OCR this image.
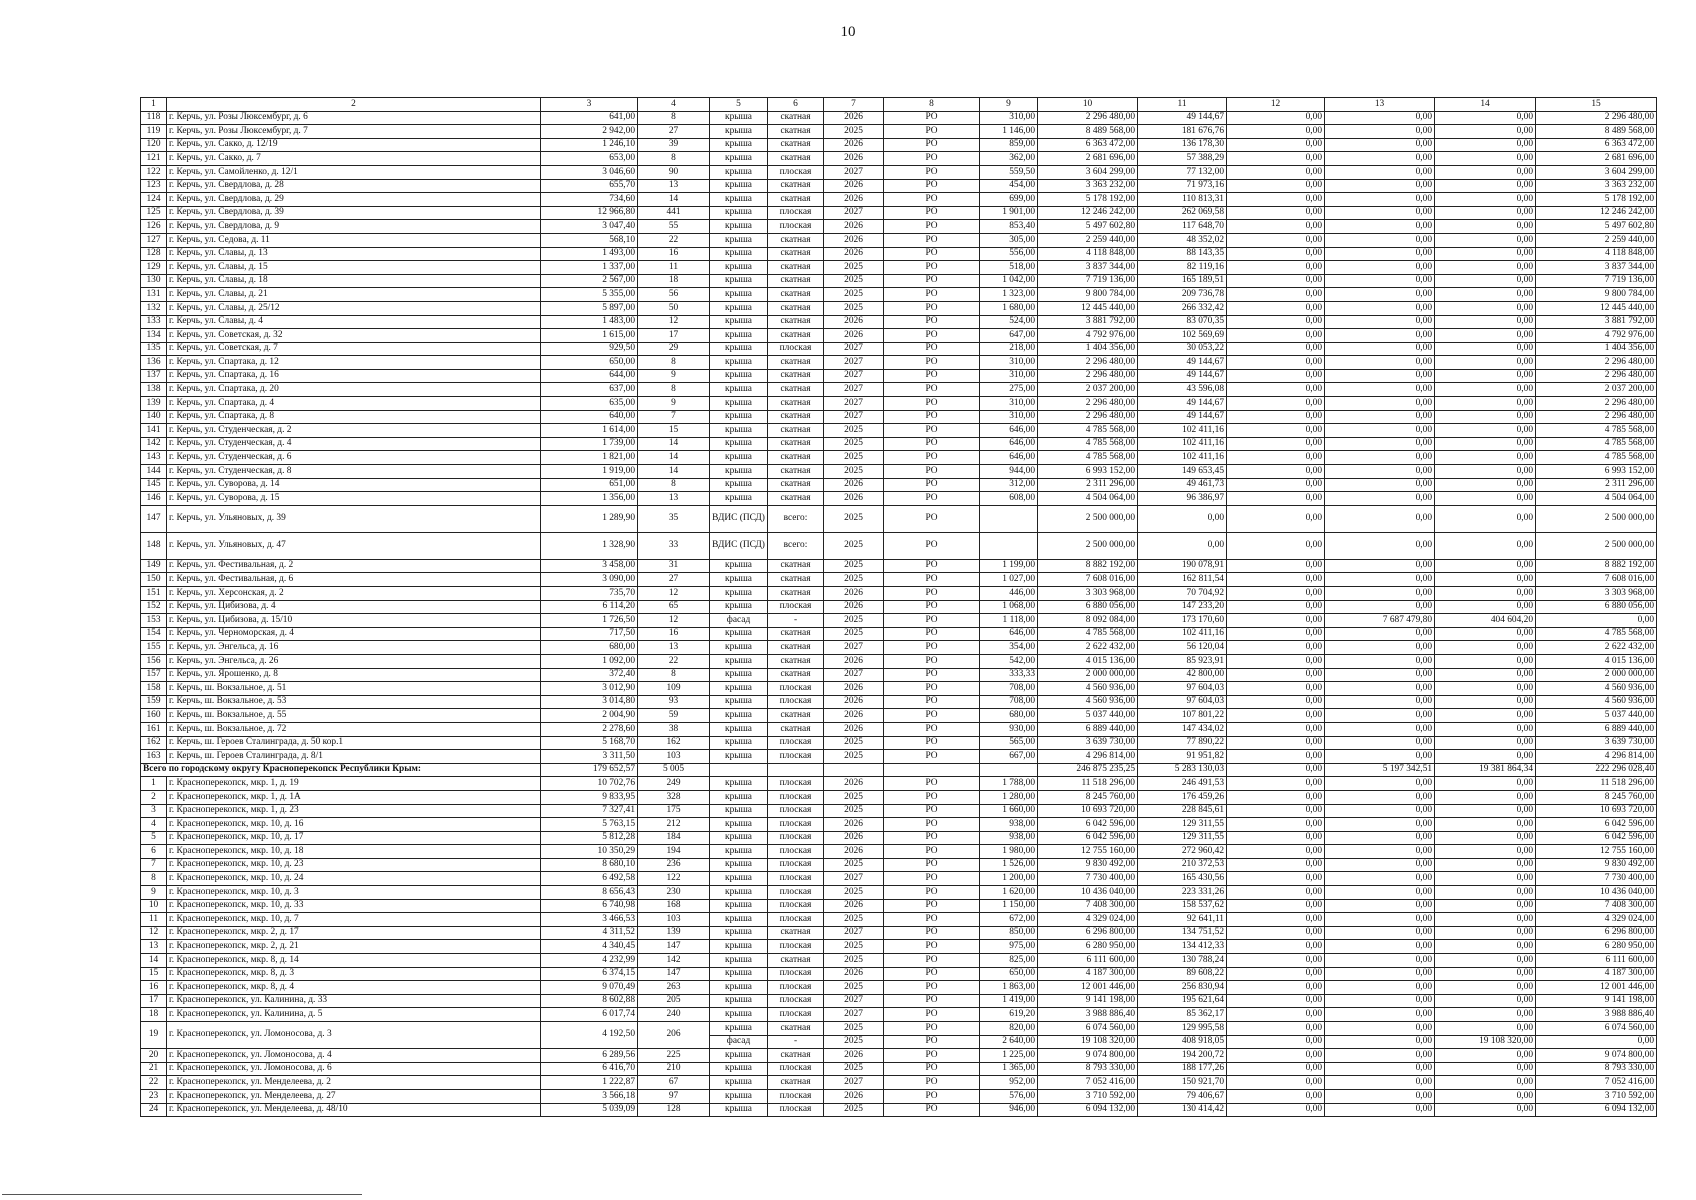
10
1	2	3	4	5	6	7	8	9	10	11	12	13	14	15
118	г. Керчь, ул. Розы Люксембург, д. 6	641,00	8	крыша	скатная	2026	РО	310,00	2 296 480,00	49 144,67	0,00	0,00	0,00	2 296 480,00
119	г. Керчь, ул. Розы Люксембург, д. 7	2 942,00	27	крыша	скатная	2025	РО	1 146,00	8 489 568,00	181 676,76	0,00	0,00	0,00	8 489 568,00
120	г. Керчь, ул. Сакко, д. 12/19	1 246,10	39	крыша	скатная	2026	РО	859,00	6 363 472,00	136 178,30	0,00	0,00	0,00	6 363 472,00
121	г. Керчь, ул. Сакко, д. 7	653,00	8	крыша	скатная	2026	РО	362,00	2 681 696,00	57 388,29	0,00	0,00	0,00	2 681 696,00
122	г. Керчь, ул. Самойленко, д. 12/1	3 046,60	90	крыша	плоская	2027	РО	559,50	3 604 299,00	77 132,00	0,00	0,00	0,00	3 604 299,00
123	г. Керчь, ул. Свердлова, д. 28	655,70	13	крыша	скатная	2026	РО	454,00	3 363 232,00	71 973,16	0,00	0,00	0,00	3 363 232,00
124	г. Керчь, ул. Свердлова, д. 29	734,60	14	крыша	скатная	2026	РО	699,00	5 178 192,00	110 813,31	0,00	0,00	0,00	5 178 192,00
125	г. Керчь, ул. Свердлова, д. 39	12 966,80	441	крыша	плоская	2027	РО	1 901,00	12 246 242,00	262 069,58	0,00	0,00	0,00	12 246 242,00
126	г. Керчь, ул. Свердлова, д. 9	3 047,40	55	крыша	плоская	2026	РО	853,40	5 497 602,80	117 648,70	0,00	0,00	0,00	5 497 602,80
127	г. Керчь, ул. Седова, д. 11	568,10	22	крыша	скатная	2026	РО	305,00	2 259 440,00	48 352,02	0,00	0,00	0,00	2 259 440,00
128	г. Керчь, ул. Славы, д. 13	1 493,00	16	крыша	скатная	2026	РО	556,00	4 118 848,00	88 143,35	0,00	0,00	0,00	4 118 848,00
129	г. Керчь, ул. Славы, д. 15	1 337,00	11	крыша	скатная	2025	РО	518,00	3 837 344,00	82 119,16	0,00	0,00	0,00	3 837 344,00
130	г. Керчь, ул. Славы, д. 18	2 567,00	18	крыша	скатная	2025	РО	1 042,00	7 719 136,00	165 189,51	0,00	0,00	0,00	7 719 136,00
131	г. Керчь, ул. Славы, д. 21	5 355,00	56	крыша	скатная	2025	РО	1 323,00	9 800 784,00	209 736,78	0,00	0,00	0,00	9 800 784,00
132	г. Керчь, ул. Славы, д. 25/12	5 897,00	50	крыша	скатная	2025	РО	1 680,00	12 445 440,00	266 332,42	0,00	0,00	0,00	12 445 440,00
133	г. Керчь, ул. Славы, д. 4	1 483,00	12	крыша	скатная	2026	РО	524,00	3 881 792,00	83 070,35	0,00	0,00	0,00	3 881 792,00
134	г. Керчь, ул. Советская, д. 32	1 615,00	17	крыша	скатная	2026	РО	647,00	4 792 976,00	102 569,69	0,00	0,00	0,00	4 792 976,00
135	г. Керчь, ул. Советская, д. 7	929,50	29	крыша	плоская	2027	РО	218,00	1 404 356,00	30 053,22	0,00	0,00	0,00	1 404 356,00
136	г. Керчь, ул. Спартака, д. 12	650,00	8	крыша	скатная	2027	РО	310,00	2 296 480,00	49 144,67	0,00	0,00	0,00	2 296 480,00
137	г. Керчь, ул. Спартака, д. 16	644,00	9	крыша	скатная	2027	РО	310,00	2 296 480,00	49 144,67	0,00	0,00	0,00	2 296 480,00
138	г. Керчь, ул. Спартака, д. 20	637,00	8	крыша	скатная	2027	РО	275,00	2 037 200,00	43 596,08	0,00	0,00	0,00	2 037 200,00
139	г. Керчь, ул. Спартака, д. 4	635,00	9	крыша	скатная	2027	РО	310,00	2 296 480,00	49 144,67	0,00	0,00	0,00	2 296 480,00
140	г. Керчь, ул. Спартака, д. 8	640,00	7	крыша	скатная	2027	РО	310,00	2 296 480,00	49 144,67	0,00	0,00	0,00	2 296 480,00
141	г. Керчь, ул. Студенческая, д. 2	1 614,00	15	крыша	скатная	2025	РО	646,00	4 785 568,00	102 411,16	0,00	0,00	0,00	4 785 568,00
142	г. Керчь, ул. Студенческая, д. 4	1 739,00	14	крыша	скатная	2025	РО	646,00	4 785 568,00	102 411,16	0,00	0,00	0,00	4 785 568,00
143	г. Керчь, ул. Студенческая, д. 6	1 821,00	14	крыша	скатная	2025	РО	646,00	4 785 568,00	102 411,16	0,00	0,00	0,00	4 785 568,00
144	г. Керчь, ул. Студенческая, д. 8	1 919,00	14	крыша	скатная	2025	РО	944,00	6 993 152,00	149 653,45	0,00	0,00	0,00	6 993 152,00
145	г. Керчь, ул. Суворова, д. 14	651,00	8	крыша	скатная	2026	РО	312,00	2 311 296,00	49 461,73	0,00	0,00	0,00	2 311 296,00
146	г. Керчь, ул. Суворова, д. 15	1 356,00	13	крыша	скатная	2026	РО	608,00	4 504 064,00	96 386,97	0,00	0,00	0,00	4 504 064,00
147	г. Керчь, ул. Ульяновых, д. 39	1 289,90	35	ВДИС (ПСД)	всего:	2025	РО		2 500 000,00	0,00	0,00	0,00	0,00	2 500 000,00
148	г. Керчь, ул. Ульяновых, д. 47	1 328,90	33	ВДИС (ПСД)	всего:	2025	РО		2 500 000,00	0,00	0,00	0,00	0,00	2 500 000,00
149	г. Керчь, ул. Фестивальная, д. 2	3 458,00	31	крыша	скатная	2025	РО	1 199,00	8 882 192,00	190 078,91	0,00	0,00	0,00	8 882 192,00
150	г. Керчь, ул. Фестивальная, д. 6	3 090,00	27	крыша	скатная	2025	РО	1 027,00	7 608 016,00	162 811,54	0,00	0,00	0,00	7 608 016,00
151	г. Керчь, ул. Херсонская, д. 2	735,70	12	крыша	скатная	2026	РО	446,00	3 303 968,00	70 704,92	0,00	0,00	0,00	3 303 968,00
152	г. Керчь, ул. Цибизова, д. 4	6 114,20	65	крыша	плоская	2026	РО	1 068,00	6 880 056,00	147 233,20	0,00	0,00	0,00	6 880 056,00
153	г. Керчь, ул. Цибизова, д. 15/10	1 726,50	12	фасад	-	2025	РО	1 118,00	8 092 084,00	173 170,60	0,00	7 687 479,80	404 604,20	0,00
154	г. Керчь, ул. Черноморская, д. 4	717,50	16	крыша	скатная	2025	РО	646,00	4 785 568,00	102 411,16	0,00	0,00	0,00	4 785 568,00
155	г. Керчь, ул. Энгельса, д. 16	680,00	13	крыша	скатная	2027	РО	354,00	2 622 432,00	56 120,04	0,00	0,00	0,00	2 622 432,00
156	г. Керчь, ул. Энгельса, д. 26	1 092,00	22	крыша	скатная	2026	РО	542,00	4 015 136,00	85 923,91	0,00	0,00	0,00	4 015 136,00
157	г. Керчь, ул. Ярошенко, д. 8	372,40	8	крыша	скатная	2027	РО	333,33	2 000 000,00	42 800,00	0,00	0,00	0,00	2 000 000,00
158	г. Керчь, ш. Вокзальное, д. 51	3 012,90	109	крыша	плоская	2026	РО	708,00	4 560 936,00	97 604,03	0,00	0,00	0,00	4 560 936,00
159	г. Керчь, ш. Вокзальное, д. 53	3 014,80	93	крыша	плоская	2026	РО	708,00	4 560 936,00	97 604,03	0,00	0,00	0,00	4 560 936,00
160	г. Керчь, ш. Вокзальное, д. 55	2 004,90	59	крыша	скатная	2026	РО	680,00	5 037 440,00	107 801,22	0,00	0,00	0,00	5 037 440,00
161	г. Керчь, ш. Вокзальное, д. 72	2 278,60	38	крыша	скатная	2026	РО	930,00	6 889 440,00	147 434,02	0,00	0,00	0,00	6 889 440,00
162	г. Керчь, ш. Героев Сталинграда, д. 50 кор.1	5 168,70	162	крыша	плоская	2025	РО	565,00	3 639 730,00	77 890,22	0,00	0,00	0,00	3 639 730,00
163	г. Керчь, ш. Героев Сталинграда, д. 8/1	3 311,50	103	крыша	плоская	2025	РО	667,00	4 296 814,00	91 951,82	0,00	0,00	0,00	4 296 814,00
Всего по городскому округу Красноперекопск Республики Крым:		179 652,57	5 005						246 875 235,25	5 283 130,03	0,00	5 197 342,51	19 381 864,34	222 296 028,40
1	г. Красноперекопск, мкр. 1, д. 19	10 702,76	249	крыша	плоская	2026	РО	1 788,00	11 518 296,00	246 491,53	0,00	0,00	0,00	11 518 296,00
2	г. Красноперекопск, мкр. 1, д. 1А	9 833,95	328	крыша	плоская	2025	РО	1 280,00	8 245 760,00	176 459,26	0,00	0,00	0,00	8 245 760,00
3	г. Красноперекопск, мкр. 1, д. 23	7 327,41	175	крыша	плоская	2025	РО	1 660,00	10 693 720,00	228 845,61	0,00	0,00	0,00	10 693 720,00
4	г. Красноперекопск, мкр. 10, д. 16	5 763,15	212	крыша	плоская	2026	РО	938,00	6 042 596,00	129 311,55	0,00	0,00	0,00	6 042 596,00
5	г. Красноперекопск, мкр. 10, д. 17	5 812,28	184	крыша	плоская	2026	РО	938,00	6 042 596,00	129 311,55	0,00	0,00	0,00	6 042 596,00
6	г. Красноперекопск, мкр. 10, д. 18	10 350,29	194	крыша	плоская	2026	РО	1 980,00	12 755 160,00	272 960,42	0,00	0,00	0,00	12 755 160,00
7	г. Красноперекопск, мкр. 10, д. 23	8 680,10	236	крыша	плоская	2025	РО	1 526,00	9 830 492,00	210 372,53	0,00	0,00	0,00	9 830 492,00
8	г. Красноперекопск, мкр. 10, д. 24	6 492,58	122	крыша	плоская	2027	РО	1 200,00	7 730 400,00	165 430,56	0,00	0,00	0,00	7 730 400,00
9	г. Красноперекопск, мкр. 10, д. 3	8 656,43	230	крыша	плоская	2025	РО	1 620,00	10 436 040,00	223 331,26	0,00	0,00	0,00	10 436 040,00
10	г. Красноперекопск, мкр. 10, д. 33	6 740,98	168	крыша	плоская	2026	РО	1 150,00	7 408 300,00	158 537,62	0,00	0,00	0,00	7 408 300,00
11	г. Красноперекопск, мкр. 10, д. 7	3 466,53	103	крыша	плоская	2025	РО	672,00	4 329 024,00	92 641,11	0,00	0,00	0,00	4 329 024,00
12	г. Красноперекопск, мкр. 2, д. 17	4 311,52	139	крыша	скатная	2027	РО	850,00	6 296 800,00	134 751,52	0,00	0,00	0,00	6 296 800,00
13	г. Красноперекопск, мкр. 2, д. 21	4 340,45	147	крыша	плоская	2025	РО	975,00	6 280 950,00	134 412,33	0,00	0,00	0,00	6 280 950,00
14	г. Красноперекопск, мкр. 8, д. 14	4 232,99	142	крыша	скатная	2025	РО	825,00	6 111 600,00	130 788,24	0,00	0,00	0,00	6 111 600,00
15	г. Красноперекопск, мкр. 8, д. 3	6 374,15	147	крыша	плоская	2026	РО	650,00	4 187 300,00	89 608,22	0,00	0,00	0,00	4 187 300,00
16	г. Красноперекопск, мкр. 8, д. 4	9 070,49	263	крыша	плоская	2025	РО	1 863,00	12 001 446,00	256 830,94	0,00	0,00	0,00	12 001 446,00
17	г. Красноперекопск, ул. Калинина, д. 33	8 602,88	205	крыша	плоская	2027	РО	1 419,00	9 141 198,00	195 621,64	0,00	0,00	0,00	9 141 198,00
18	г. Красноперекопск, ул. Калинина, д. 5	6 017,74	240	крыша	плоская	2027	РО	619,20	3 988 886,40	85 362,17	0,00	0,00	0,00	3 988 886,40
19	г. Красноперекопск, ул. Ломоносова, д. 3	4 192,50	206	крыша	скатная	2025	РО	820,00	6 074 560,00	129 995,58	0,00	0,00	0,00	6 074 560,00
				фасад	-	2025	РО	2 640,00	19 108 320,00	408 918,05	0,00	0,00	19 108 320,00	0,00
20	г. Красноперекопск, ул. Ломоносова, д. 4	6 289,56	225	крыша	скатная	2026	РО	1 225,00	9 074 800,00	194 200,72	0,00	0,00	0,00	9 074 800,00
21	г. Красноперекопск, ул. Ломоносова, д. 6	6 416,70	210	крыша	плоская	2025	РО	1 365,00	8 793 330,00	188 177,26	0,00	0,00	0,00	8 793 330,00
22	г. Красноперекопск, ул. Менделеева, д. 2	1 222,87	67	крыша	скатная	2027	РО	952,00	7 052 416,00	150 921,70	0,00	0,00	0,00	7 052 416,00
23	г. Красноперекопск, ул. Менделеева, д. 27	3 566,18	97	крыша	плоская	2026	РО	576,00	3 710 592,00	79 406,67	0,00	0,00	0,00	3 710 592,00
24	г. Красноперекопск, ул. Менделеева, д. 48/10	5 039,09	128	крыша	плоская	2025	РО	946,00	6 094 132,00	130 414,42	0,00	0,00	0,00	6 094 132,00
